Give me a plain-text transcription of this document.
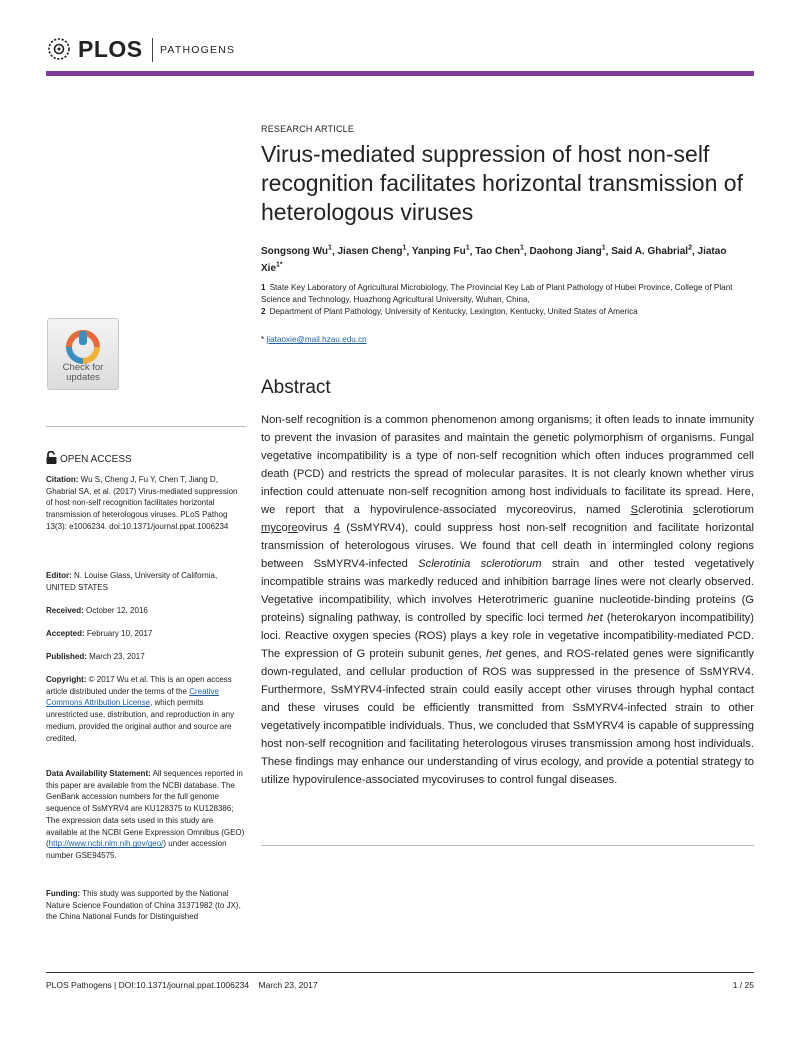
PLOS PATHOGENS
RESEARCH ARTICLE
Virus-mediated suppression of host non-self recognition facilitates horizontal transmission of heterologous viruses
Songsong Wu$^1$, Jiasen Cheng$^1$, Yanping Fu$^1$, Tao Chen$^1$, Daohong Jiang$^1$, Said A. Ghabrial$^2$, Jiatao Xie$^{1*}$
1 State Key Laboratory of Agricultural Microbiology, The Provincial Key Lab of Plant Pathology of Hubei Province, College of Plant Science and Technology, Huazhong Agricultural University, Wuhan, China,
2 Department of Plant Pathology, University of Kentucky, Lexington, Kentucky, United States of America
* jiataoxie@mail.hzau.edu.cn
Check for
updates	Abstract
Non-self recognition is a common phenomenon among organisms; it often leads to innate immunity to prevent the invasion of parasites and maintain the genetic polymorphism of organisms. Fungal vegetative incompatibility is a type of non-self recognition which often induces programmed cell death (PCD) and restricts the spread of molecular parasites. It is not clearly known whether virus infection could attenuate non-self recognition among host individuals to facilitate its spread. Here, we report that a hypovirulence-associated mycoreovirus, named Sclerotinia sclerotiorum mycoreovirus 4 (SsMYRV4), could suppress host non-self recognition and facilitate horizontal transmission of heterologous viruses. We found that cell death in intermingled colony regions between SsMYRV4-infected Sclerotinia sclerotiorum strain and other tested vegetatively incompatible strains was markedly reduced and inhibition barrage lines were not clearly observed. Vegetative incompatibility, which involves Heterotrimeric guanine nucleotide-binding proteins (G proteins) signaling pathway, is controlled by specific loci termed het (heterokaryon incompatibility) loci. Reactive oxygen species (ROS) plays a key role in vegetative incompatibility-mediated PCD. The expression of G protein subunit genes, het genes, and ROS-related genes were significantly down-regulated, and cellular production of ROS was suppressed in the presence of SsMYRV4. Furthermore, SsMYRV4-infected strain could easily accept other viruses through hyphal contact and these viruses could be efficiently transmitted from SsMYRV4-infected strain to other vegetatively incompatible individuals. Thus, we concluded that SsMYRV4 is capable of suppressing host non-self recognition and facilitating heterologous viruses transmission among host individuals. These findings may enhance our understanding of virus ecology, and provide a potential strategy to utilize hypovirulence-associated mycoviruses to control fungal diseases.
OPEN ACCESS
Citation: Wu S, Cheng J, Fu Y, Chen T, Jiang D, Ghabrial SA, et al. (2017) Virus-mediated suppression of host non-self recognition facilitates horizontal transmission of heterologous viruses. PLoS Pathog 13(3): e1006234. doi:10.1371/journal.ppat.1006234
Editor: N. Louise Glass, University of California, UNITED STATES
Received: October 12, 2016
Accepted: February 10, 2017
Published: March 23, 2017
Copyright: © 2017 Wu et al. This is an open access article distributed under the terms of the Creative Commons Attribution License, which permits unrestricted use, distribution, and reproduction in any medium, provided the original author and source are credited.
Data Availability Statement: All sequences reported in this paper are available from the NCBI database. The GenBank accession numbers for the full genome sequence of SsMYRV4 are KU128375 to KU128386; The expression data sets used in this study are available at the NCBI Gene Expression Omnibus (GEO) (http://www.ncbi.nlm.nih.gov/geo/) under accession number GSE94575.
Funding: This study was supported by the National Nature Science Foundation of China 31371982 (to JX), the China National Funds for Distinguished
PLOS Pathogens | DOI:10.1371/journal.ppat.1006234    March 23, 2017	1 / 25
